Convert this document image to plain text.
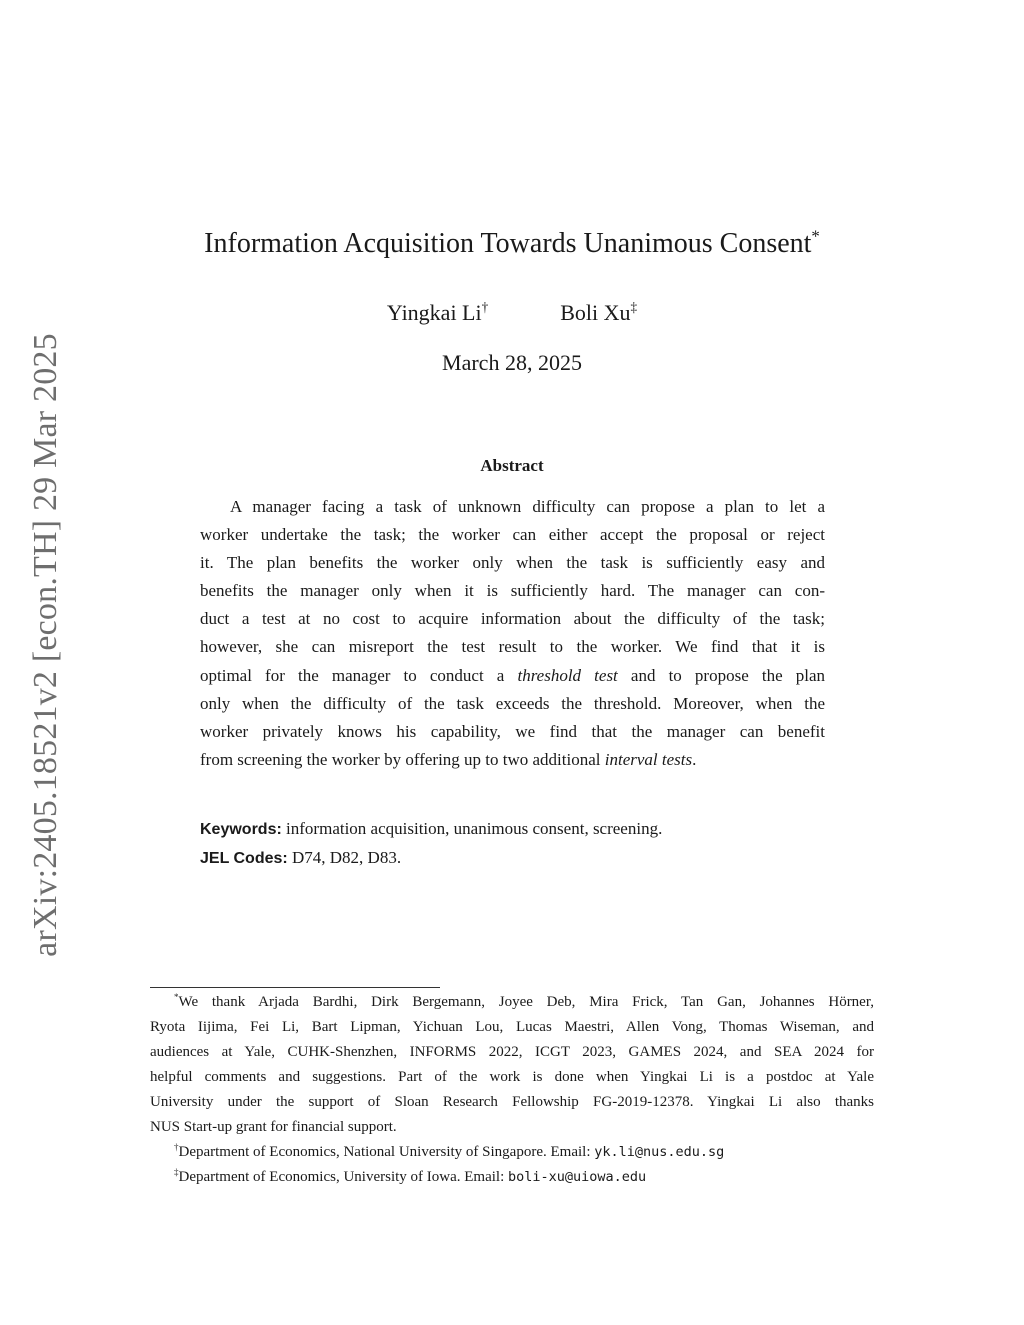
arXiv:2405.18521v2 [econ.TH] 29 Mar 2025
Information Acquisition Towards Unanimous Consent*
Yingkai Li†	Boli Xu‡
March 28, 2025
Abstract
A manager facing a task of unknown difficulty can propose a plan to let a
worker undertake the task; the worker can either accept the proposal or reject
it. The plan benefits the worker only when the task is sufficiently easy and
benefits the manager only when it is sufficiently hard. The manager can con-
duct a test at no cost to acquire information about the difficulty of the task;
however, she can misreport the test result to the worker. We find that it is
optimal for the manager to conduct a threshold test and to propose the plan
only when the difficulty of the task exceeds the threshold. Moreover, when the
worker privately knows his capability, we find that the manager can benefit
from screening the worker by offering up to two additional interval tests.
Keywords: information acquisition, unanimous consent, screening.
JEL Codes: D74, D82, D83.
*We thank Arjada Bardhi, Dirk Bergemann, Joyee Deb, Mira Frick, Tan Gan, Johannes Hörner,
Ryota Iijima, Fei Li, Bart Lipman, Yichuan Lou, Lucas Maestri, Allen Vong, Thomas Wiseman, and
audiences at Yale, CUHK-Shenzhen, INFORMS 2022, ICGT 2023, GAMES 2024, and SEA 2024 for
helpful comments and suggestions. Part of the work is done when Yingkai Li is a postdoc at Yale
University under the support of Sloan Research Fellowship FG-2019-12378. Yingkai Li also thanks
NUS Start-up grant for financial support.
†Department of Economics, National University of Singapore. Email: yk.li@nus.edu.sg
‡Department of Economics, University of Iowa. Email: boli-xu@uiowa.edu
